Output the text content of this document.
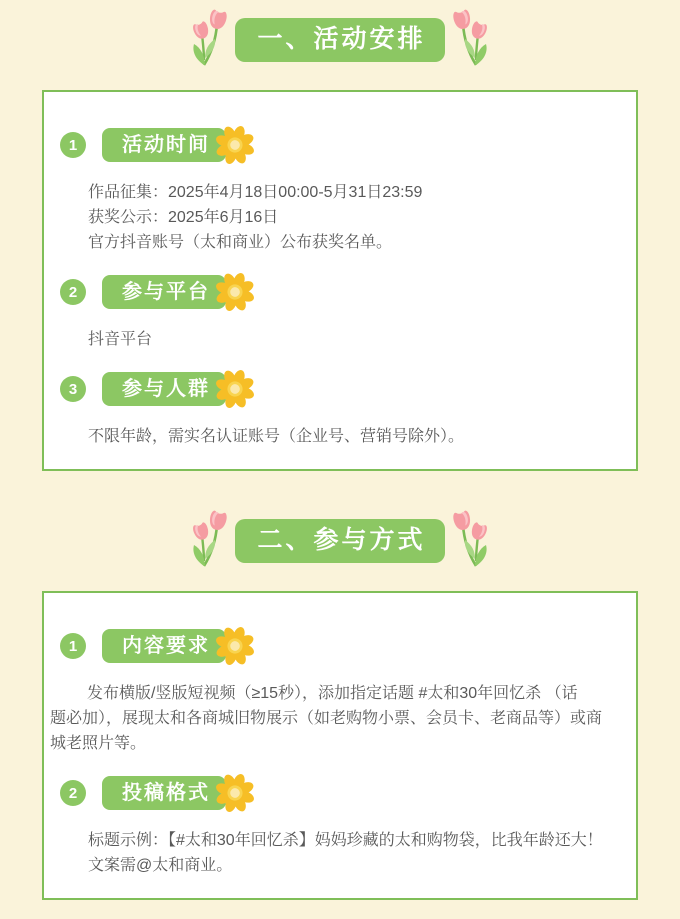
一、活动安排
1	活动时间
作品征集：2025年4月18日00:00-5月31日23:59
获奖公示：2025年6月16日
官方抖音账号（太和商业）公布获奖名单。
2	参与平台
抖音平台
3	参与人群
不限年龄，需实名认证账号（企业号、营销号除外）。
二、参与方式
1	内容要求
发布横版/竖版短视频（≥15秒），添加指定话题 #太和30年回忆杀 （话
题必加），展现太和各商城旧物展示（如老购物小票、会员卡、老商品等）或商
城老照片等。
2	投稿格式
标题示例：【#太和30年回忆杀】妈妈珍藏的太和购物袋，比我年龄还大！
文案需@太和商业。
